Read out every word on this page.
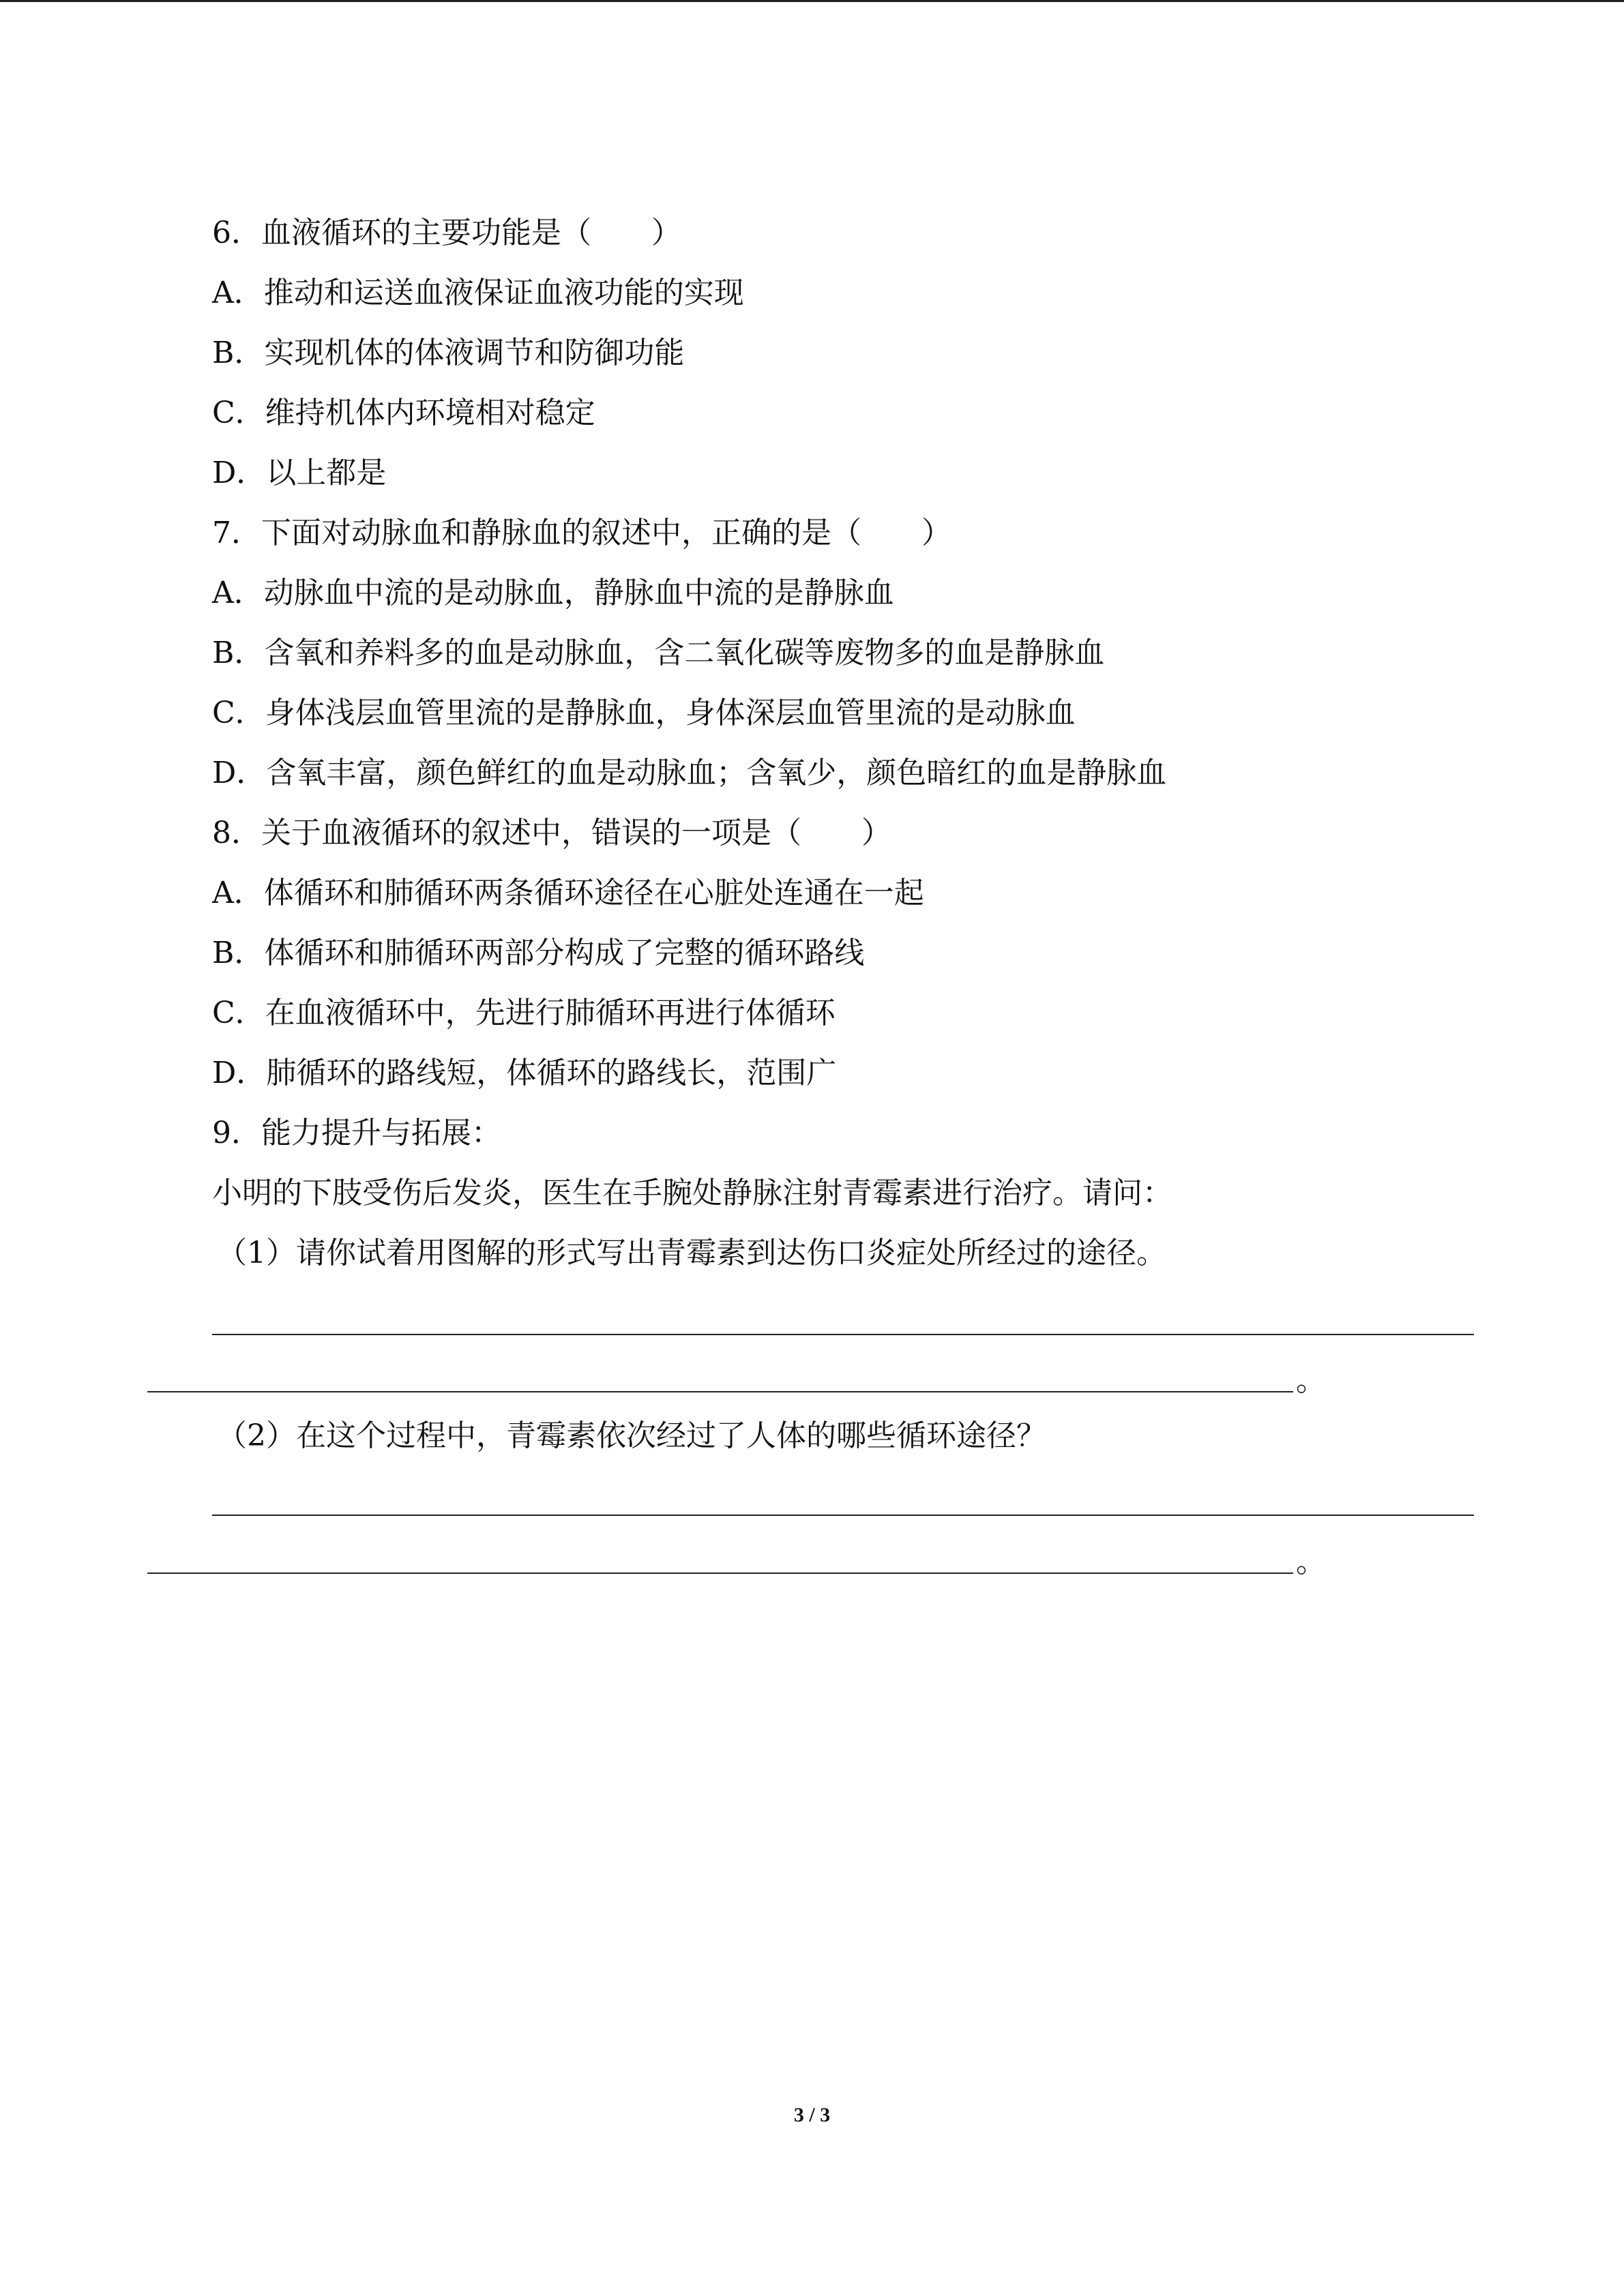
6．血液循环的主要功能是（　　）
A．推动和运送血液保证血液功能的实现
B．实现机体的体液调节和防御功能
C．维持机体内环境相对稳定
D．以上都是
7．下面对动脉血和静脉血的叙述中，正确的是（　　）
A．动脉血中流的是动脉血，静脉血中流的是静脉血
B．含氧和养料多的血是动脉血，含二氧化碳等废物多的血是静脉血
C．身体浅层血管里流的是静脉血，身体深层血管里流的是动脉血
D．含氧丰富，颜色鲜红的血是动脉血；含氧少，颜色暗红的血是静脉血
8．关于血液循环的叙述中，错误的一项是（　　）
A．体循环和肺循环两条循环途径在心脏处连通在一起
B．体循环和肺循环两部分构成了完整的循环路线
C．在血液循环中，先进行肺循环再进行体循环
D．肺循环的路线短，体循环的路线长，范围广
9．能力提升与拓展：
小明的下肢受伤后发炎，医生在手腕处静脉注射青霉素进行治疗。请问：
（1）请你试着用图解的形式写出青霉素到达伤口炎症处所经过的途径。
。
（2）在这个过程中，青霉素依次经过了人体的哪些循环途径？
。
3 / 3
